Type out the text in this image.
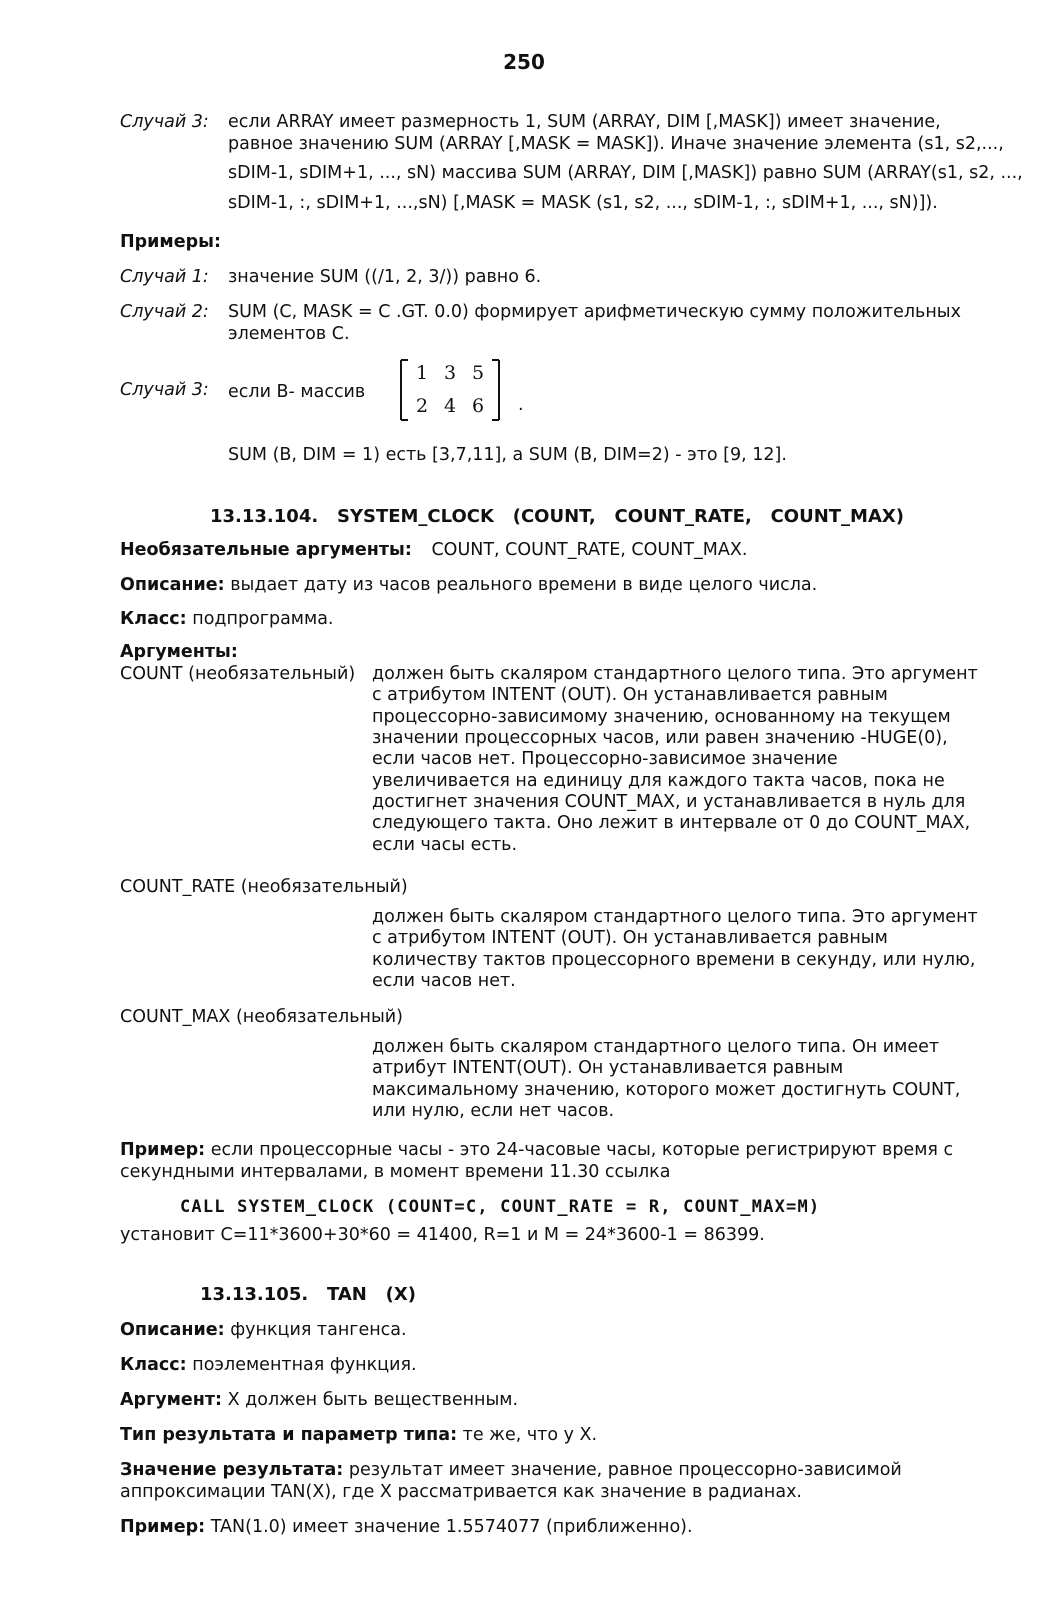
250
Случай 3: если ARRAY имеет размерность 1, SUM (ARRAY, DIM [,MASK]) имеет значение,
равное значению SUM (ARRAY [,MASK = MASK]). Иначе значение элемента (s1, s2,...,
sDIM-1, sDIM+1, ..., sN) массива SUM (ARRAY, DIM [,MASK]) равно SUM (ARRAY(s1, s2, ...,
sDIM-1, :, sDIM+1, ...,sN) [,MASK = MASK (s1, s2, ..., sDIM-1, :, sDIM+1, ..., sN)]).
Примеры:
Случай 1: значение SUM ((/1, 2, 3/)) равно 6.
Случай 2: SUM (C, MASK = C .GT. 0.0) формирует арифметическую сумму положительных
элементов С.
Случай 3: если В- массив
1 3 5
2 4 6	.
SUM (B, DIM = 1) есть [3,7,11], а SUM (B, DIM=2) - это [9, 12].
13.13.104.   SYSTEM_CLOCK   (COUNT,   COUNT_RATE,   COUNT_MAX)
Необязательные аргументы: COUNT, COUNT_RATE, COUNT_MAX.
Описание: выдает дату из часов реального времени в виде целого числа.
Класс: подпрограмма.
Аргументы:
COUNT (необязательный) должен быть скаляром стандартного целого типа. Это аргумент
с атрибутом INTENT (OUT). Он устанавливается равным
процессорно-зависимому значению, основанному на текущем
значении процессорных часов, или равен значению -HUGE(0),
если часов нет. Процессорно-зависимое значение
увеличивается на единицу для каждого такта часов, пока не
достигнет значения COUNT_MAX, и устанавливается в нуль для
следующего такта. Оно лежит в интервале от 0 до COUNT_MAX,
если часы есть.
COUNT_RATE (необязательный)
должен быть скаляром стандартного целого типа. Это аргумент
с атрибутом INTENT (OUT). Он устанавливается равным
количеству тактов процессорного времени в секунду, или нулю,
если часов нет.
COUNT_MAX (необязательный)
должен быть скаляром стандартного целого типа. Он имеет
атрибут INTENT(OUT). Он устанавливается равным
максимальному значению, которого может достигнуть COUNT,
или нулю, если нет часов.
Пример: если процессорные часы - это 24-часовые часы, которые регистрируют время с
секундными интервалами, в момент времени 11.30 ссылка
CALL SYSTEM_CLOCK (COUNT=C, COUNT_RATE = R, COUNT_MAX=M)
установит C=11*3600+30*60 = 41400, R=1 и M = 24*3600-1 = 86399.
13.13.105.   TAN   (X)
Описание: функция тангенса.
Класс: поэлементная функция.
Аргумент: X должен быть вещественным.
Тип результата и параметр типа: те же, что у X.
Значение результата: результат имеет значение, равное процессорно-зависимой
аппроксимации TAN(X), где X рассматривается как значение в радианах.
Пример: TAN(1.0) имеет значение 1.5574077 (приближенно).
